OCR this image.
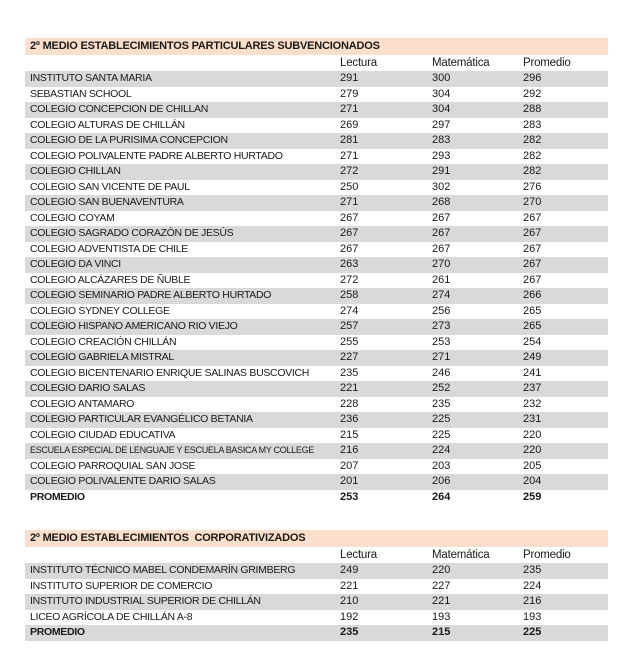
2º MEDIO ESTABLECIMIENTOS PARTICULARES SUBVENCIONADOS
Lectura	Matemática	Promedio
INSTITUTO SANTA MARIA	291	300	296
SEBASTIAN SCHOOL	279	304	292
COLEGIO CONCEPCION DE CHILLAN	271	304	288
COLEGIO ALTURAS DE CHILLÁN	269	297	283
COLEGIO DE LA PURISIMA CONCEPCION	281	283	282
COLEGIO POLIVALENTE PADRE ALBERTO HURTADO	271	293	282
COLEGIO CHILLAN	272	291	282
COLEGIO SAN VICENTE DE PAUL	250	302	276
COLEGIO SAN BUENAVENTURA	271	268	270
COLEGIO COYAM	267	267	267
COLEGIO SAGRADO CORAZÓN DE JESÚS	267	267	267
COLEGIO ADVENTISTA DE CHILE	267	267	267
COLEGIO DA VINCI	263	270	267
COLEGIO ALCÁZARES DE ÑUBLE	272	261	267
COLEGIO SEMINARIO PADRE ALBERTO HURTADO	258	274	266
COLEGIO SYDNEY COLLEGE	274	256	265
COLEGIO HISPANO AMERICANO RIO VIEJO	257	273	265
COLEGIO CREACIÓN CHILLÁN	255	253	254
COLEGIO GABRIELA MISTRAL	227	271	249
COLEGIO BICENTENARIO ENRIQUE SALINAS BUSCOVICH	235	246	241
COLEGIO DARIO SALAS	221	252	237
COLEGIO ANTAMARO	228	235	232
COLEGIO PARTICULAR EVANGÉLICO BETANIA	236	225	231
COLEGIO CIUDAD EDUCATIVA	215	225	220
ESCUELA ESPECIAL DE LENGUAJE Y ESCUELA BASICA MY COLLEGE	216	224	220
COLEGIO PARROQUIAL SAN JOSE	207	203	205
COLEGIO POLIVALENTE DARIO SALAS	201	206	204
PROMEDIO	253	264	259
2º MEDIO ESTABLECIMIENTOS  CORPORATIVIZADOS
Lectura	Matemática	Promedio
INSTITUTO TÉCNICO MABEL CONDEMARÍN GRIMBERG	249	220	235
INSTITUTO SUPERIOR DE COMERCIO	221	227	224
INSTITUTO INDUSTRIAL SUPERIOR DE CHILLÁN	210	221	216
LICEO AGRÍCOLA DE CHILLÁN A-8	192	193	193
PROMEDIO	235	215	225
